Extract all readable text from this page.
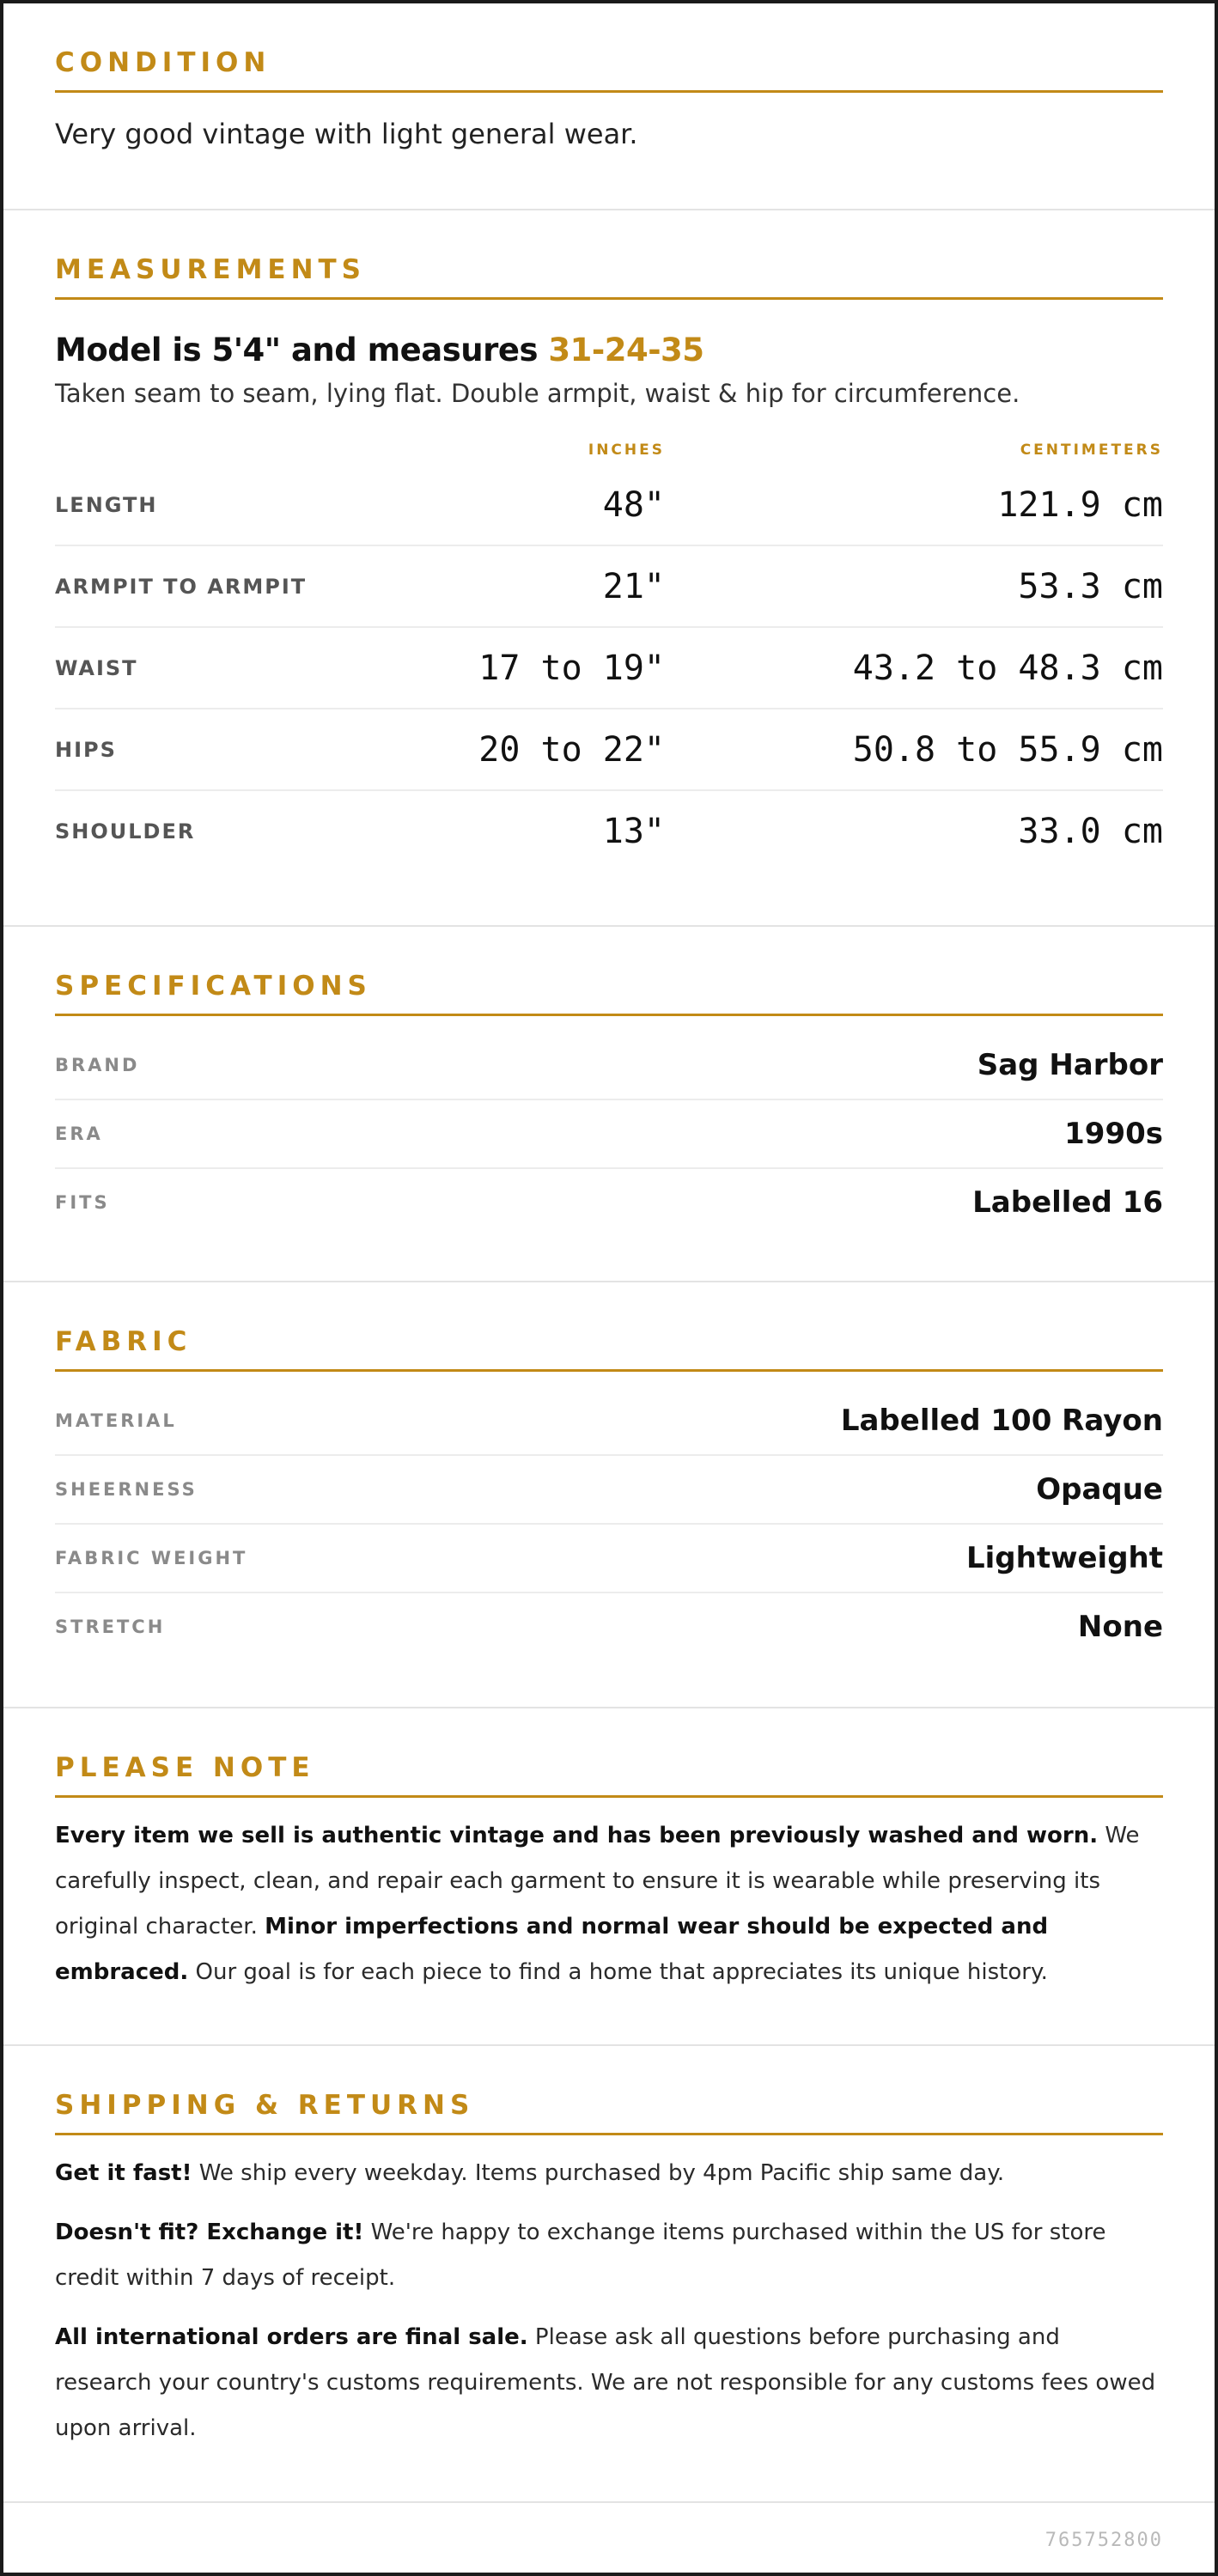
CONDITION
Very good vintage with light general wear.
MEASUREMENTS
Model is 5'4" and measures 31-24-35
Taken seam to seam, lying flat. Double armpit, waist & hip for circumference.
INCHES	CENTIMETERS
LENGTH	48"	121.9 cm
ARMPIT TO ARMPIT	21"	53.3 cm
WAIST	17 to 19"	43.2 to 48.3 cm
HIPS	20 to 22"	50.8 to 55.9 cm
SHOULDER	13"	33.0 cm
SPECIFICATIONS
BRAND	Sag Harbor
ERA	1990s
FITS	Labelled 16
FABRIC
MATERIAL	Labelled 100 Rayon
SHEERNESS	Opaque
FABRIC WEIGHT	Lightweight
STRETCH	None
PLEASE NOTE
Every item we sell is authentic vintage and has been previously washed and worn. We carefully inspect, clean, and repair each garment to ensure it is wearable while preserving its original character. Minor imperfections and normal wear should be expected and embraced. Our goal is for each piece to find a home that appreciates its unique history.
SHIPPING & RETURNS
Get it fast! We ship every weekday. Items purchased by 4pm Pacific ship same day.
Doesn't fit? Exchange it! We're happy to exchange items purchased within the US for store credit within 7 days of receipt.
All international orders are final sale. Please ask all questions before purchasing and research your country's customs requirements. We are not responsible for any customs fees owed upon arrival.
765752800
